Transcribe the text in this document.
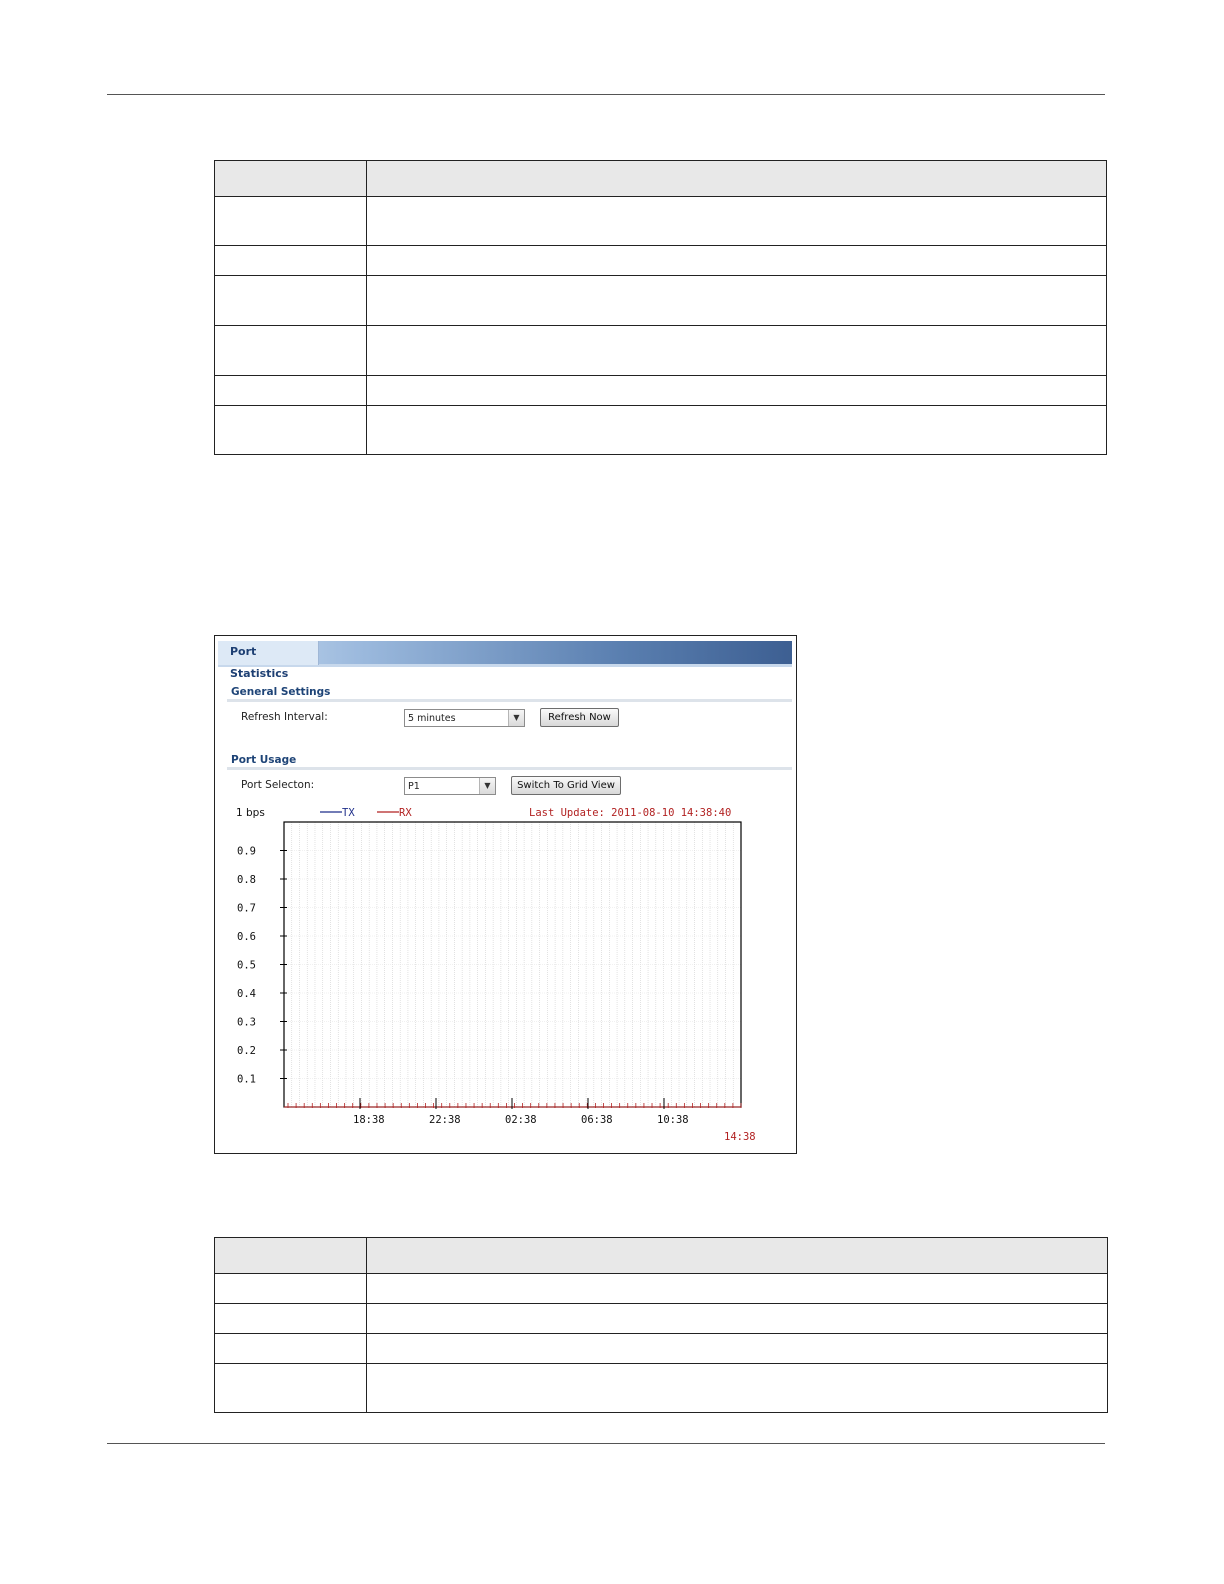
Port Statistics
General Settings
Refresh Interval:	5 minutes	▼	Refresh Now
Port Usage
Port Selecton:	P1	▼	Switch To Grid View
0.9
0.8
0.7
0.6
0.5
0.4
0.3
0.2
0.1
18:38	22:38	02:38	06:38	10:38
14:38
1 bps	TX	RX	Last Update: 2011-08-10 14:38:40
